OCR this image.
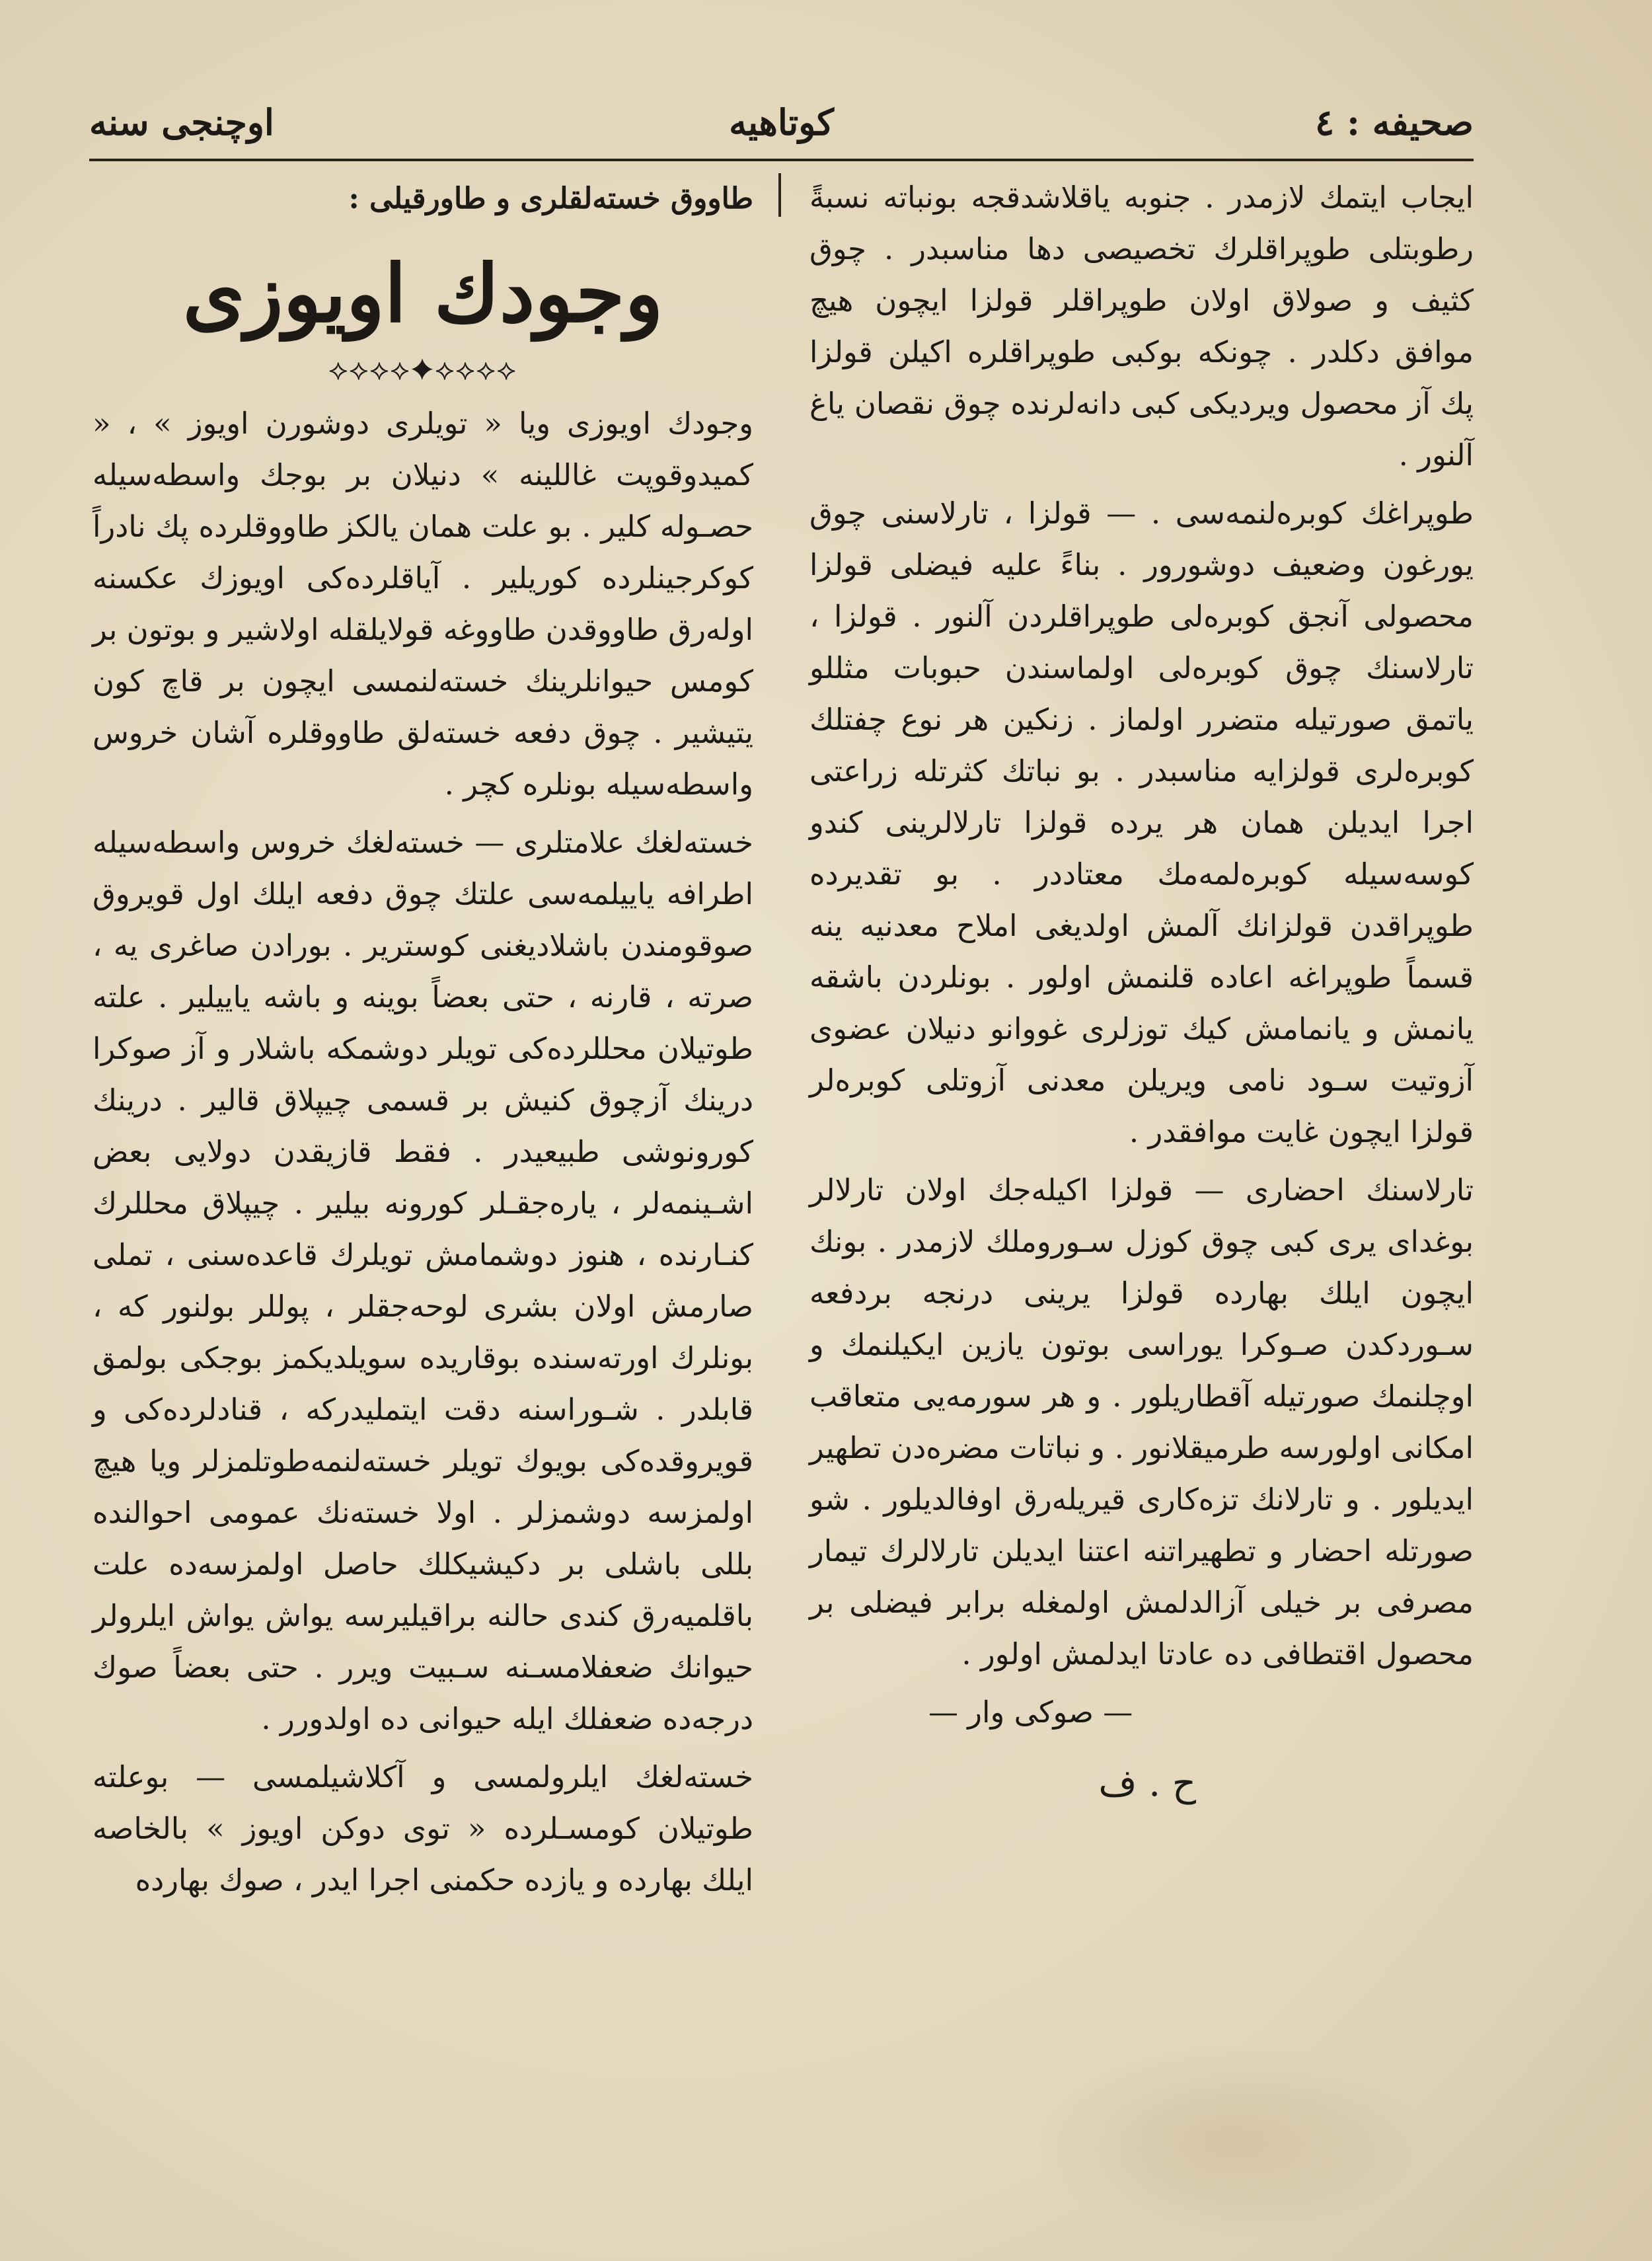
صحیفه : ٤
کوتاهیه
اوچنجی سنه

ایجاب ایتمك لازمدر . جنوبه یاقلاشدقجه بونباته نسبةً رطوبتلی طوپراقلرك تخصیصی دها مناسبدر . چوق کثیف و صولاق اولان طوپراقلر قولزا ایچون هیچ موافق دکلدر . چونکه بوکبی طوپراقلره اکیلن قولزا پك آز محصول ویردیکی کبی دانه‌لرنده چوق نقصان یاغ آلنور .

طوپراغك کوبره‌لنمه‌سی . — قولزا ، تارلاسنی چوق یورغون وضعیف دوشورور . بناءً علیه فیضلی قولزا محصولی آنجق کوبره‌لی طوپراقلردن آلنور . قولزا ، تارلاسنك چوق کوبره‌لی اولماسندن حبوبات مثللو یاتمق صورتیله متضرر اولماز . زنکین هر نوع چفتلك کوبره‌لری قولزایه مناسبدر . بو نباتك کثرتله زراعتی اجرا ایدیلن همان هر یرده قولزا تارلالرینی کندو کوسه‌سیله کوبره‌لمه‌مك معتاددر . بو تقدیرده طوپراقدن قولزانك آلمش اولدیغی املاح معدنیه ینه قسماً طوپراغه اعاده قلنمش اولور . بونلردن باشقه یانمش و یانمامش کیك توزلری غووانو دنیلان عضوی آزوتیت سـود نامی ویریلن معدنی آزوتلی کوبره‌لر قولزا ایچون غایت موافقدر .

تارلاسنك احضاری — قولزا اکیله‌جك اولان تارلالر بوغدای یری کبی چوق کوزل سـوروملك لازمدر . بونك ایچون ایلك بهارده قولزا یرینی درنجه بردفعه سـوردکدن صـوکرا یوراسی بوتون یازین ایکیلنمك و اوچلنمك صورتیله آقطاریلور . و هر سورمه‌یی متعاقب امکانی اولورسه طرمیقلانور . و نباتات مضره‌دن تطهیر ایدیلور . و تارلانك تزه‌کاری قیریله‌رق اوفالدیلور . شو صورتله احضار و تطهیراتنه اعتنا ایدیلن تارلالرك تیمار مصرفی بر خیلی آزالدلمش اولمغله برابر فیضلی بر محصول اقتطافی ده عادتا ایدلمش اولور .

— صوکی وار —

ح . ف

طاووق خسته‌لقلری و طاورقیلی :

وجودك اویوزی
⟡⟡⟡⟡✦⟡⟡⟡⟡

وجودك اویوزی ویا « تویلری دوشورن اویوز » ، « کمیدوقوپت غاللینه » دنیلان بر بوجك واسطه‌سیله حصـوله کلیر . بو علت همان یالکز طاووقلرده پك نادراً کوکرجینلرده کوریلیر . آیاقلرده‌کی اویوزك عکسنه اوله‌رق طاووقدن طاووغه قولایلقله اولاشیر و بوتون بر کومس حیوانلرینك خسته‌لنمسی ایچون بر قاچ کون یتیشیر . چوق دفعه خسته‌لق طاووقلره آشان خروس واسطه‌سیله بونلره کچر .

خسته‌لغك علامتلری — خسته‌لغك خروس واسطه‌سیله اطرافه یاییلمه‌سی علتك چوق دفعه ایلك اول قویروق صوقومندن باشلادیغنی کوستریر . بورادن صاغری یه ، صرته ، قارنه ، حتی بعضاً بوینه و باشه یاییلیر . علته طوتیلان محللرده‌کی تویلر دوشمکه باشلار و آز صوکرا درینك آزچوق کنیش بر قسمی چیپلاق قالیر . درینك کورونوشی طبیعیدر . فقط قازیقدن دولایی بعض اشـینمه‌لر ، یاره‌جقـلر کورونه بیلیر . چیپلاق محللرك کنـارنده ، هنوز دوشمامش تویلرك قاعده‌سنی ، تملی صارمش اولان بشری لوحه‌جقلر ، پوللر بولنور که ، بونلرك اورته‌سنده بوقاریده سویلدیکمز بوجکی بولمق قابلدر . شـوراسنه دقت ایتملیدرکه ، قنادلرده‌کی و قویروقده‌کی بویوك تویلر خسته‌لنمه‌طوتلمزلر ویا هیچ اولمزسه دوشمزلر . اولا خسته‌نك عمومی احوالنده بللی باشلی بر دکیشیکلك حاصل اولمزسه‌ده علت باقلمیه‌رق کندی حالنه براقیلیرسه یواش یواش ایلرولر حیوانك ضعفلامسـنه سـبیت ویرر . حتی بعضاً صوك درجه‌ده ضعفلك ایله حیوانی ده اولدورر .

خسته‌لغك ایلرولمسی و آکلاشیلمسی — بوعلته طوتیلان کومسـلرده « توی دوکن اویوز » بالخاصه ایلك بهارده و یازده حکمنی اجرا ایدر ، صوك بهارده
